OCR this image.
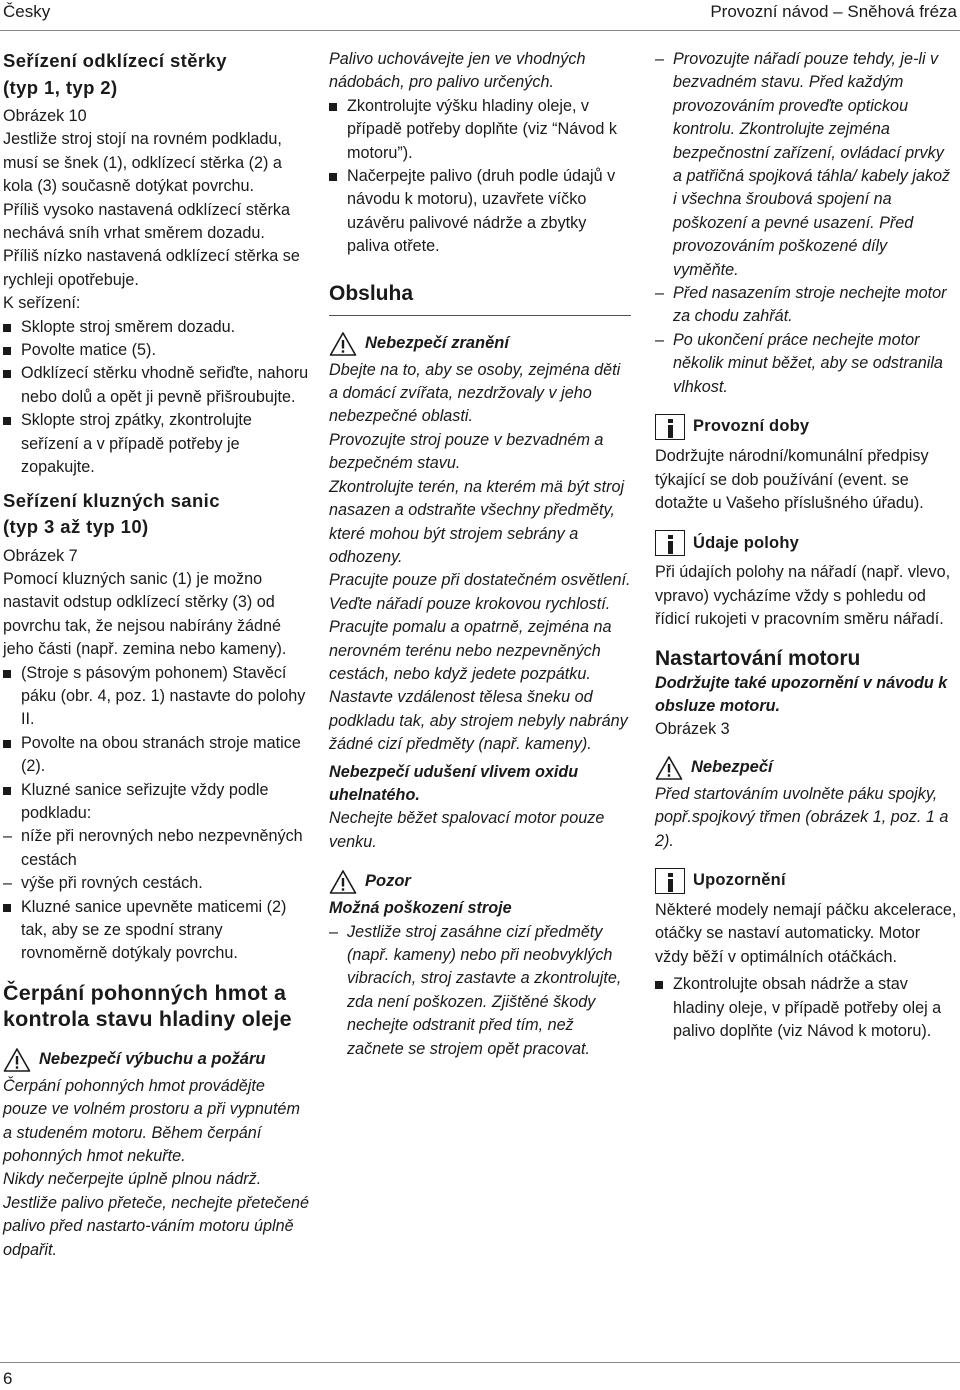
Česky	Provozní návod – Sněhová fréza
Seřízení odklízecí stěrky
(typ 1, typ 2)

Obrázek 10

Jestliže stroj stojí na rovném podkladu, musí se šnek (1), odklízecí stěrka (2) a kola (3) současně dotýkat povrchu.

Příliš vysoko nastavená odklízecí stěrka nechává sníh vrhat směrem dozadu.

Příliš nízko nastavená odklízecí stěrka se rychleji opotřebuje.

K seřízení:

Sklopte stroj směrem dozadu.
Povolte matice (5).
Odklízecí stěrku vhodně seřiďte, nahoru nebo dolů a opět ji pevně přišroubujte.
Sklopte stroj zpátky, zkontrolujte seřízení a v případě potřeby je zopakujte.
Seřízení kluzných sanic
(typ 3 až typ 10)

Obrázek 7

Pomocí kluzných sanic (1) je možno nastavit odstup odklízecí stěrky (3) od povrchu tak, že nejsou nabírány žádné jeho části (např. zemina nebo kameny).

(Stroje s pásovým pohonem) Stavěcí páku (obr. 4, poz. 1) nastavte do polohy II.
Povolte na obou stranách stroje matice (2).
Kluzné sanice seřizujte vždy podle podkladu:
– níže při nerovných nebo nezpevněných cestách
– výše při rovných cestách.
Kluzné sanice upevněte maticemi (2) tak, aby se ze spodní strany rovnoměrně dotýkaly povrchu.
Čerpání pohonných hmot a kontrola stavu hladiny oleje
Nebezpečí výbuchu a požáru

Čerpání pohonných hmot provádějte pouze ve volném prostoru a při vypnutém a studeném motoru. Během čerpání pohonných hmot nekuřte.

Nikdy nečerpejte úplně plnou nádrž. Jestliže palivo přeteče, nechejte přetečené palivo před nastarto-váním motoru úplně odpařit.

Palivo uchovávejte jen ve vhodných nádobách, pro palivo určených.

Zkontrolujte výšku hladiny oleje, v případě potřeby doplňte (viz “Návod k motoru”).
Načerpejte palivo (druh podle údajů v návodu k motoru), uzavřete víčko uzávěru palivové nádrže a zbytky paliva otřete.
Obsluha
Nebezpečí zranění

Dbejte na to, aby se osoby, zejména děti a domácí zvířata, nezdržovaly v jeho nebezpečné oblasti.

Provozujte stroj pouze v bezvadném a bezpečném stavu.

Zkontrolujte terén, na kterém mä být stroj nasazen a odstraňte všechny předměty, které mohou být strojem sebrány a odhozeny.

Pracujte pouze při dostatečném osvětlení.

Veďte nářadí pouze krokovou rychlostí.

Pracujte pomalu a opatrně, zejména na nerovném terénu nebo nezpevněných cestách, nebo když jedete pozpátku.

Nastavte vzdálenost tělesa šneku od podkladu tak, aby strojem nebyly nabrány žádné cizí předměty (např. kameny).

Nebezpečí udušení vlivem oxidu uhelnatého.

Nechejte běžet spalovací motor pouze venku.

Pozor

Možná poškození stroje

– Jestliže stroj zasáhne cizí předměty (např. kameny) nebo při neobvyklých vibracích, stroj zastavte a zkontrolujte, zda není poškozen. Zjištěné škody nechejte odstranit před tím, než začnete se strojem opět pracovat.
– Provozujte nářadí pouze tehdy, je-li v bezvadném stavu. Před každým provozováním proveďte optickou kontrolu. Zkontrolujte zejména bezpečnostní zařízení, ovládací prvky a patřičná spojková táhla/ kabely jakož i všechna šroubová spojení na poškození a pevné usazení. Před provozováním poškozené díly vyměňte.
– Před nasazením stroje nechejte motor za chodu zahřát.
– Po ukončení práce nechejte motor několik minut běžet, aby se odstranila vlhkost.
Provozní doby

Dodržujte národní/komunální předpisy týkající se dob používání (event. se dotažte u Vašeho příslušného úřadu).

Údaje polohy

Při údajích polohy na nářadí (např. vlevo, vpravo) vycházíme vždy s pohledu od řídicí rukojeti v pracovním směru nářadí.

Nastartování motoru

Dodržujte také upozornění v návodu k obsluze motoru.

Obrázek 3

Nebezpečí

Před startováním uvolněte páku spojky, popř.spojkový třmen (obrázek 1, poz. 1 a 2).

Upozornění

Některé modely nemají páčku akcelerace, otáčky se nastaví automaticky. Motor vždy běží v optimálních otáčkách.

Zkontrolujte obsah nádrže a stav hladiny oleje, v případě potřeby olej a palivo doplňte (viz Návod k motoru).
6
